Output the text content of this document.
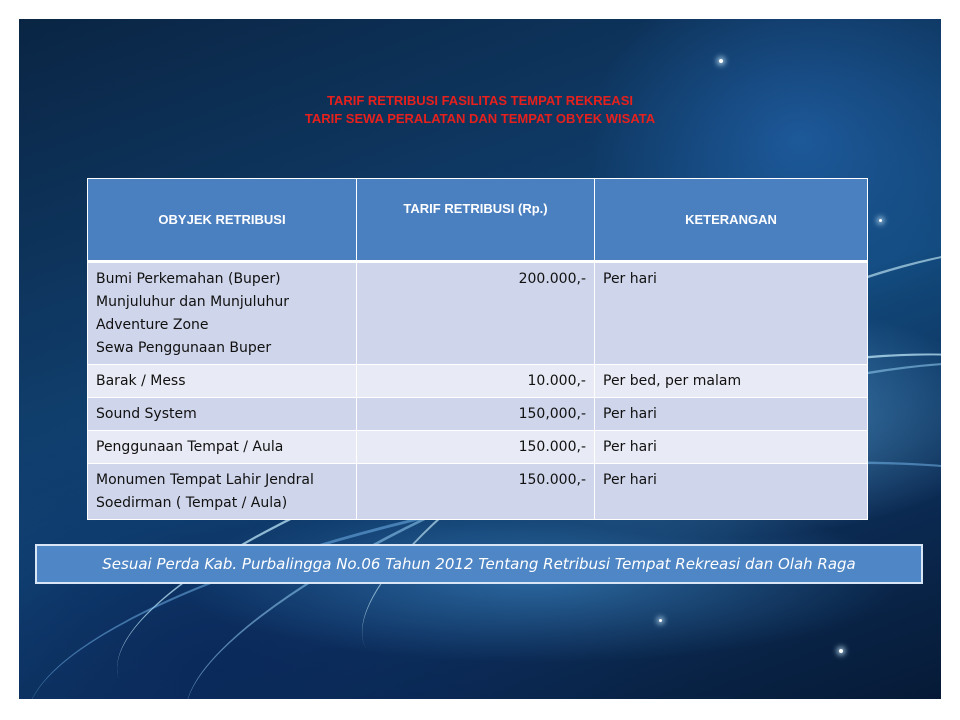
TARIF RETRIBUSI FASILITAS TEMPAT REKREASI
TARIF SEWA PERALATAN DAN TEMPAT OBYEK WISATA
OBYJEK RETRIBUSI	TARIF RETRIBUSI (Rp.)	KETERANGAN

Bumi Perkemahan (Buper)
Munjuluhur dan Munjuluhur
Adventure Zone
Sewa Penggunaan Buper	200.000,-	Per hari

Barak / Mess	10.000,-	Per bed, per malam

Sound System	150,000,-	Per hari

Penggunaan Tempat / Aula	150.000,-	Per hari

Monumen Tempat Lahir Jendral
Soedirman ( Tempat / Aula)	150.000,-	Per hari
Sesuai Perda Kab. Purbalingga No.06 Tahun 2012 Tentang Retribusi Tempat Rekreasi dan Olah Raga
